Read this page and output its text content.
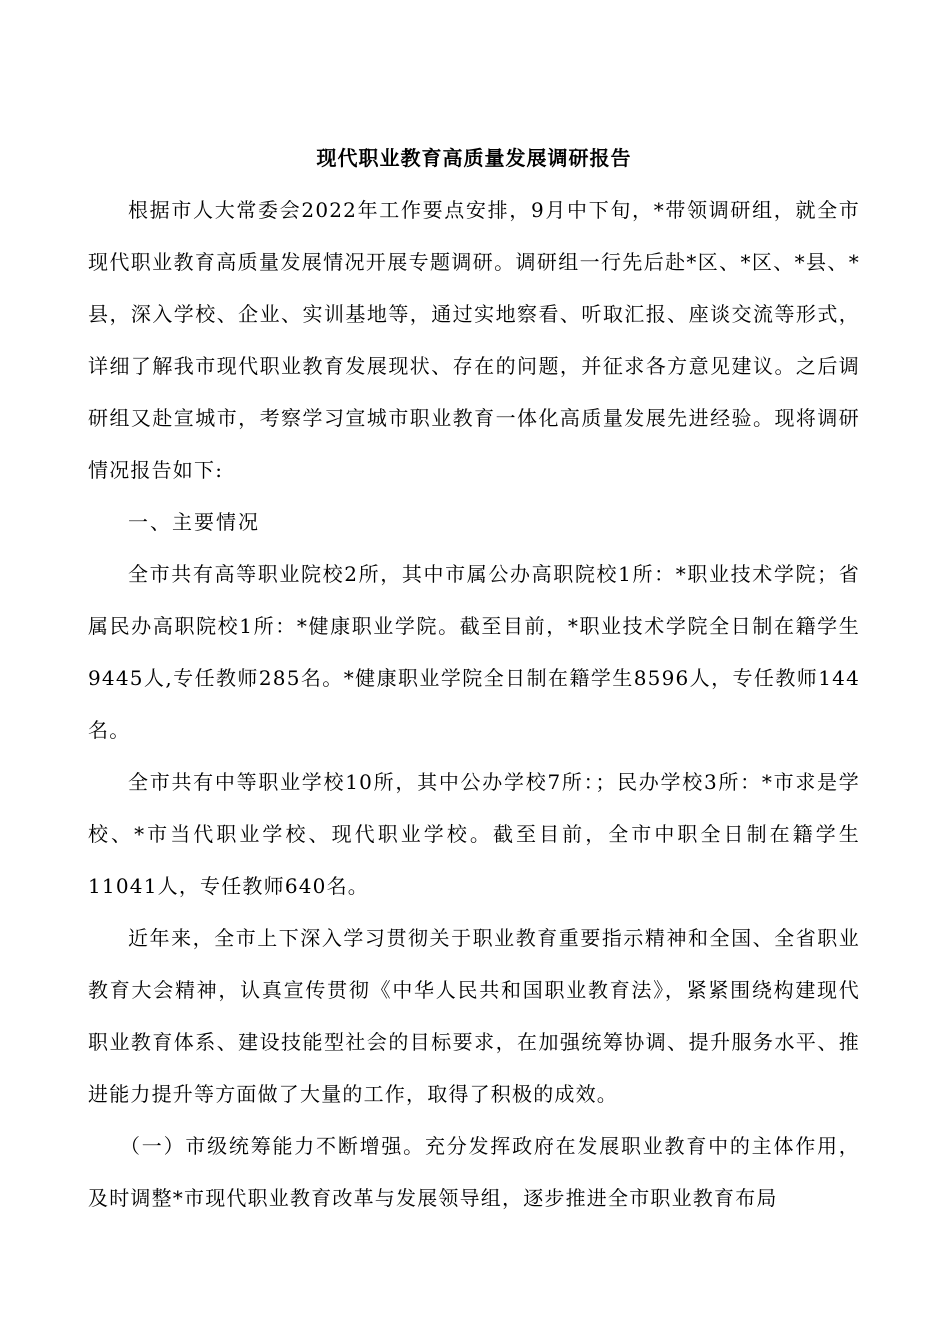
现代职业教育高质量发展调研报告

根据市人大常委会2022年工作要点安排，9月中下旬，*带领调研组，就全市现代职业教育高质量发展情况开展专题调研。调研组一行先后赴*区、*区、*县、*县，深入学校、企业、实训基地等，通过实地察看、听取汇报、座谈交流等形式，详细了解我市现代职业教育发展现状、存在的问题，并征求各方意见建议。之后调研组又赴宣城市，考察学习宣城市职业教育一体化高质量发展先进经验。现将调研情况报告如下:

一、主要情况

全市共有高等职业院校2所，其中市属公办高职院校1所：*职业技术学院；省属民办高职院校1所：*健康职业学院。截至目前，*职业技术学院全日制在籍学生9445人,专任教师285名。*健康职业学院全日制在籍学生8596人，专任教师144名。

全市共有中等职业学校10所，其中公办学校7所：；民办学校3所：*市求是学校、*市当代职业学校、现代职业学校。截至目前，全市中职全日制在籍学生11041人，专任教师640名。

近年来，全市上下深入学习贯彻关于职业教育重要指示精神和全国、全省职业教育大会精神，认真宣传贯彻《中华人民共和国职业教育法》，紧紧围绕构建现代职业教育体系、建设技能型社会的目标要求，在加强统筹协调、提升服务水平、推进能力提升等方面做了大量的工作，取得了积极的成效。

（一）市级统筹能力不断增强。充分发挥政府在发展职业教育中的主体作用，及时调整*市现代职业教育改革与发展领导组，逐步推进全市职业教育布局
